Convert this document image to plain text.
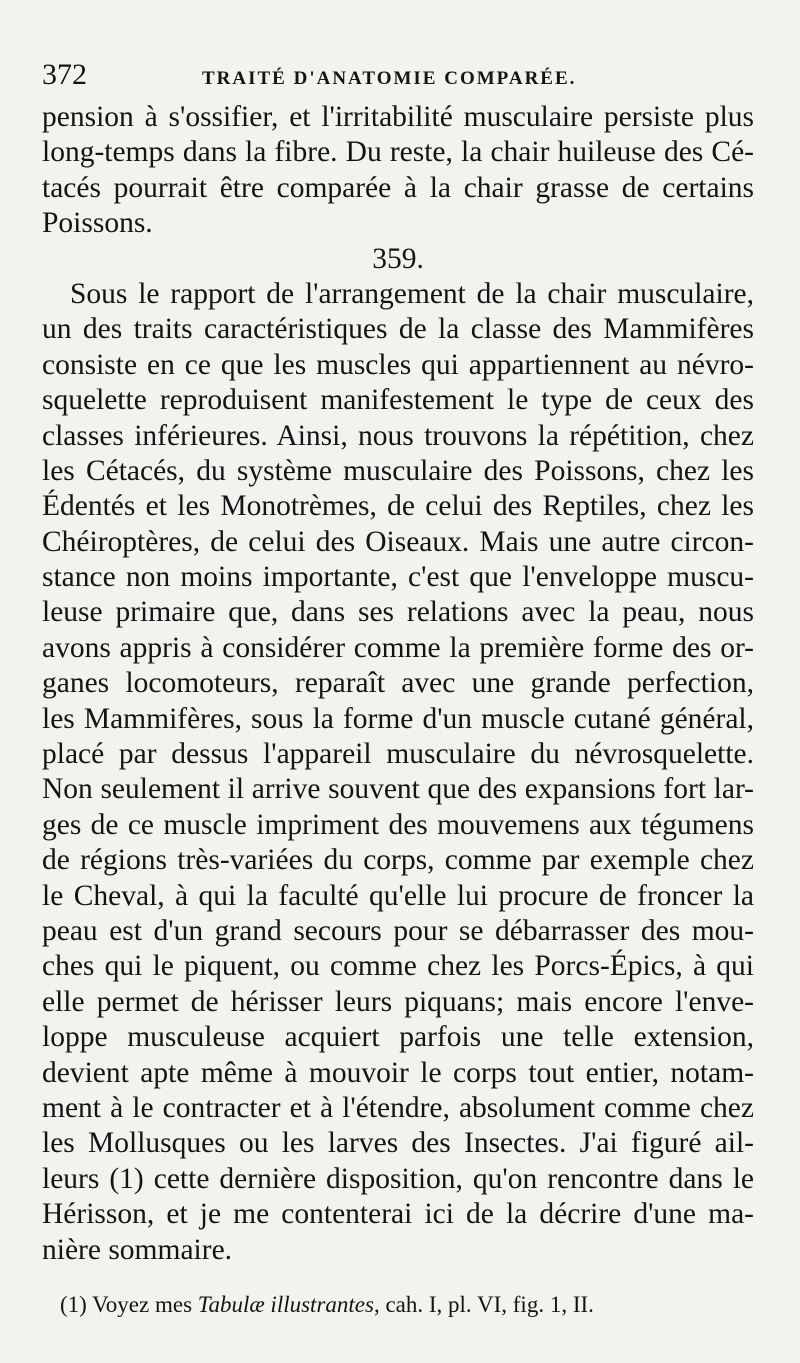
372	TRAITÉ D'ANATOMIE COMPARÉE.
pension à s'ossifier, et l'irritabilité musculaire persiste plus
long-temps dans la fibre. Du reste, la chair huileuse des Cé-
tacés pourrait être comparée à la chair grasse de certains
Poissons.
359.
Sous le rapport de l'arrangement de la chair musculaire,
un des traits caractéristiques de la classe des Mammifères
consiste en ce que les muscles qui appartiennent au névro-
squelette reproduisent manifestement le type de ceux des
classes inférieures. Ainsi, nous trouvons la répétition, chez
les Cétacés, du système musculaire des Poissons, chez les
Édentés et les Monotrèmes, de celui des Reptiles, chez les
Chéiroptères, de celui des Oiseaux. Mais une autre circon-
stance non moins importante, c'est que l'enveloppe muscu-
leuse primaire que, dans ses relations avec la peau, nous
avons appris à considérer comme la première forme des or-
ganes locomoteurs, reparaît avec une grande perfection,
les Mammifères, sous la forme d'un muscle cutané général,
placé par dessus l'appareil musculaire du névrosquelette.
Non seulement il arrive souvent que des expansions fort lar-
ges de ce muscle impriment des mouvemens aux tégumens
de régions très-variées du corps, comme par exemple chez
le Cheval, à qui la faculté qu'elle lui procure de froncer la
peau est d'un grand secours pour se débarrasser des mou-
ches qui le piquent, ou comme chez les Porcs-Épics, à qui
elle permet de hérisser leurs piquans; mais encore l'enve-
loppe musculeuse acquiert parfois une telle extension,
devient apte même à mouvoir le corps tout entier, notam-
ment à le contracter et à l'étendre, absolument comme chez
les Mollusques ou les larves des Insectes. J'ai figuré ail-
leurs (1) cette dernière disposition, qu'on rencontre dans le
Hérisson, et je me contenterai ici de la décrire d'une ma-
nière sommaire.
(1) Voyez mes Tabulæ illustrantes, cah. I, pl. VI, fig. 1, II.
